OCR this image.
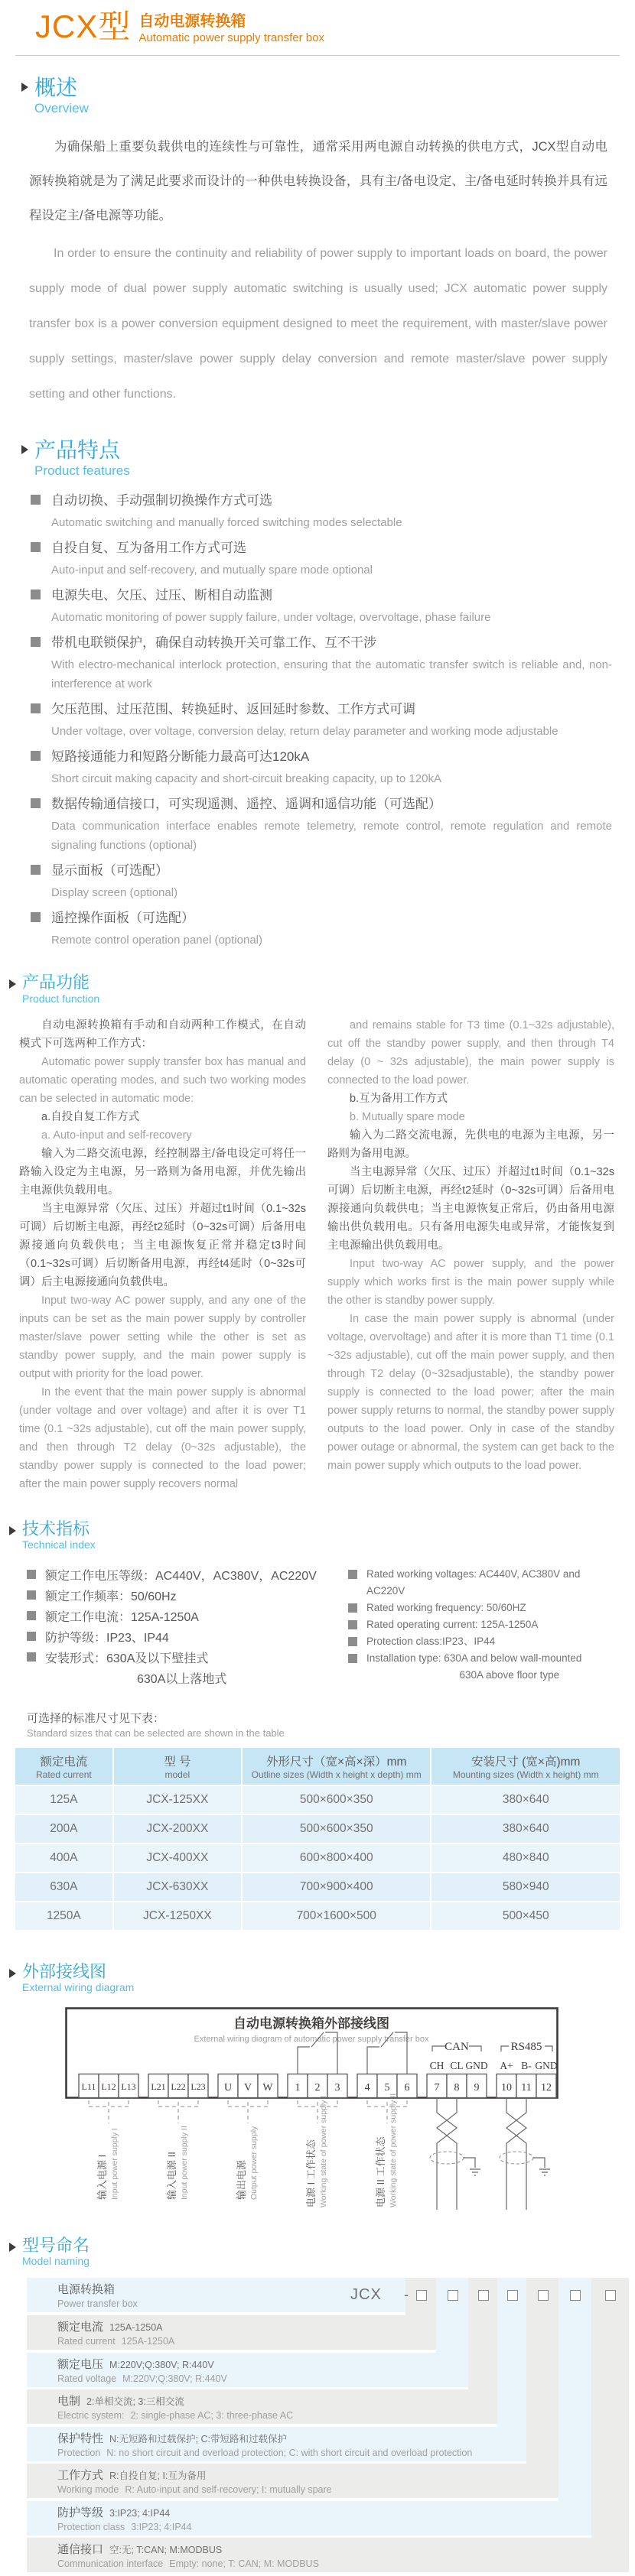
JCX型 自动电源转换箱
Automatic power supply transfer box
概述
Overview

为确保船上重要负载供电的连续性与可靠性，通常采用两电源自动转换的供电方式，JCX型自动电源转换箱就是为了满足此要求而设计的一种供电转换设备，具有主/备电设定、主/备电延时转换并具有远程设定主/备电源等功能。

In order to ensure the continuity and reliability of power supply to important loads on board, the power supply mode of dual power supply automatic switching is usually used; JCX automatic power supply transfer box is a power conversion equipment designed to meet the requirement, with master/slave power supply settings, master/slave power supply delay conversion and remote master/slave power supply setting and other functions.

产品特点
Product features
自动切换、手动强制切换操作方式可选
Automatic switching and manually forced switching modes selectable
自投自复、互为备用工作方式可选
Auto-input and self-recovery, and mutually spare mode optional
电源失电、欠压、过压、断相自动监测
Automatic monitoring of power supply failure, under voltage, overvoltage, phase failure
带机电联锁保护，确保自动转换开关可靠工作、互不干涉
With electro-mechanical interlock protection, ensuring that the automatic transfer switch is reliable and, non-interference at work
欠压范围、过压范围、转换延时、返回延时参数、工作方式可调
Under voltage, over voltage, conversion delay, return delay parameter and working mode adjustable
短路接通能力和短路分断能力最高可达120kA
Short circuit making capacity and short-circuit breaking capacity, up to 120kA
数据传输通信接口，可实现遥测、遥控、遥调和遥信功能（可选配）
Data communication interface enables remote telemetry, remote control, remote regulation and remote signaling functions (optional)
显示面板（可选配）
Display screen (optional)
遥控操作面板（可选配）
Remote control operation panel (optional)
产品功能
Product function

自动电源转换箱有手动和自动两种工作模式，在自动模式下可选两种工作方式：

Automatic power supply transfer box has manual and automatic operating modes, and such two working modes can be selected in automatic mode:

a.自投自复工作方式

a. Auto-input and self-recovery

输入为二路交流电源，经控制器主/备电设定可将任一路输入设定为主电源，另一路则为备用电源，并优先输出主电源供负载用电。

当主电源异常（欠压、过压）并超过t1时间（0.1~32s可调）后切断主电源，再经t2延时（0~32s可调）后备用电源接通向负载供电；当主电源恢复正常并稳定t3时间（0.1~32s可调）后切断备用电源，再经t4延时（0~32s可调）后主电源接通向负载供电。

Input two-way AC power supply, and any one of the inputs can be set as the main power supply by controller master/slave power setting while the other is set as standby power supply, and the main power supply is output with priority for the load power.

In the event that the main power supply is abnormal (under voltage and over voltage) and after it is over T1 time (0.1 ~32s adjustable), cut off the main power supply, and then through T2 delay (0~32s adjustable), the standby power supply is connected to the load power; after the main power supply recovers normal

and remains stable for T3 time (0.1~32s adjustable), cut off the standby power supply, and then through T4 delay (0 ~ 32s adjustable), the main power supply is connected to the load power.

b.互为备用工作方式

b. Mutually spare mode

输入为二路交流电源，先供电的电源为主电源，另一路则为备用电源。

当主电源异常（欠压、过压）并超过t1时间（0.1~32s可调）后切断主电源，再经t2延时（0~32s可调）后备用电源接通向负载供电；当主电源恢复正常后，仍由备用电源输出供负载用电。只有备用电源失电或异常，才能恢复到主电源输出供负载用电。

Input two-way AC power supply, and the power supply which works first is the main power supply while the other is standby power supply.

In case the main power supply is abnormal (under voltage, overvoltage) and after it is more than T1 time (0.1 ~32s adjustable), cut off the main power supply, and then through T2 delay (0~32sadjustable), the standby power supply is connected to the load power; after the main power supply returns to normal, the standby power supply outputs to the load power. Only in case of the standby power outage or abnormal, the system can get back to the main power supply which outputs to the load power.

技术指标
Technical index
额定工作电压等级：AC440V，AC380V，AC220V
额定工作频率：50/60Hz
额定工作电流：125A-1250A
防护等级：IP23、IP44
安装形式：630A及以下壁挂式
630A以上落地式
Rated working voltages: AC440V, AC380V and AC220V
Rated working frequency: 50/60HZ
Rated operating current: 125A-1250A
Protection class:IP23、IP44
Installation type: 630A and below wall-mounted
630A above floor type
可选择的标准尺寸见下表：
Standard sizes that can be selected are shown in the table
额定电流
Rated current

型 号
model

外形尺寸（宽×高×深）mm
Outline sizes (Width x height x depth) mm

安装尺寸 (宽×高)mm
Mounting sizes (Width x height) mm

125A	JCX-125XX	500×600×350	380×640
200A	JCX-200XX	500×600×350	380×640
400A	JCX-400XX	600×800×400	480×840
630A	JCX-630XX	700×900×400	580×940
1250A	JCX-1250XX	700×1600×500	500×450
外部接线图
External wiring diagram
自动电源转换箱外部接线图
External wiring diagram of automatic power supply transfer box
CAN	RS485
CH CL GND A+ B- GND
L11 L12 L13 L21 L22 L23 U V W 1 2 3 4 5 6 7 8 9 10 11 12
输入电源 I Input power supply I	输入电源 II Input power supply II	输出电源 Output power supply	电源 I 工作状态 Working state of power supply I	电源 II 工作状态 Working state of power supply II
型号命名
Model naming
电源转换箱
Power transfer box
额定电流 125A-1250A
Rated current 125A-1250A
额定电压 M:220V;Q:380V; R:440V
Rated voltage M:220V;Q:380V; R:440V
电制 2:单相交流; 3:三相交流
Electric system: 2: single-phase AC; 3: three-phase AC
保护特性 N:无短路和过载保护; C:带短路和过载保护
Protection N: no short circuit and overload protection; C: with short circuit and overload protection
工作方式 R:自投自复; I:互为备用
Working mode R: Auto-input and self-recovery; I: mutually spare
防护等级 3:IP23; 4:IP44
Protection class 3:IP23; 4:IP44
通信接口 空:无; T:CAN; M:MODBUS
Communication interface Empty: none; T: CAN; M: MODBUS
JCX -
